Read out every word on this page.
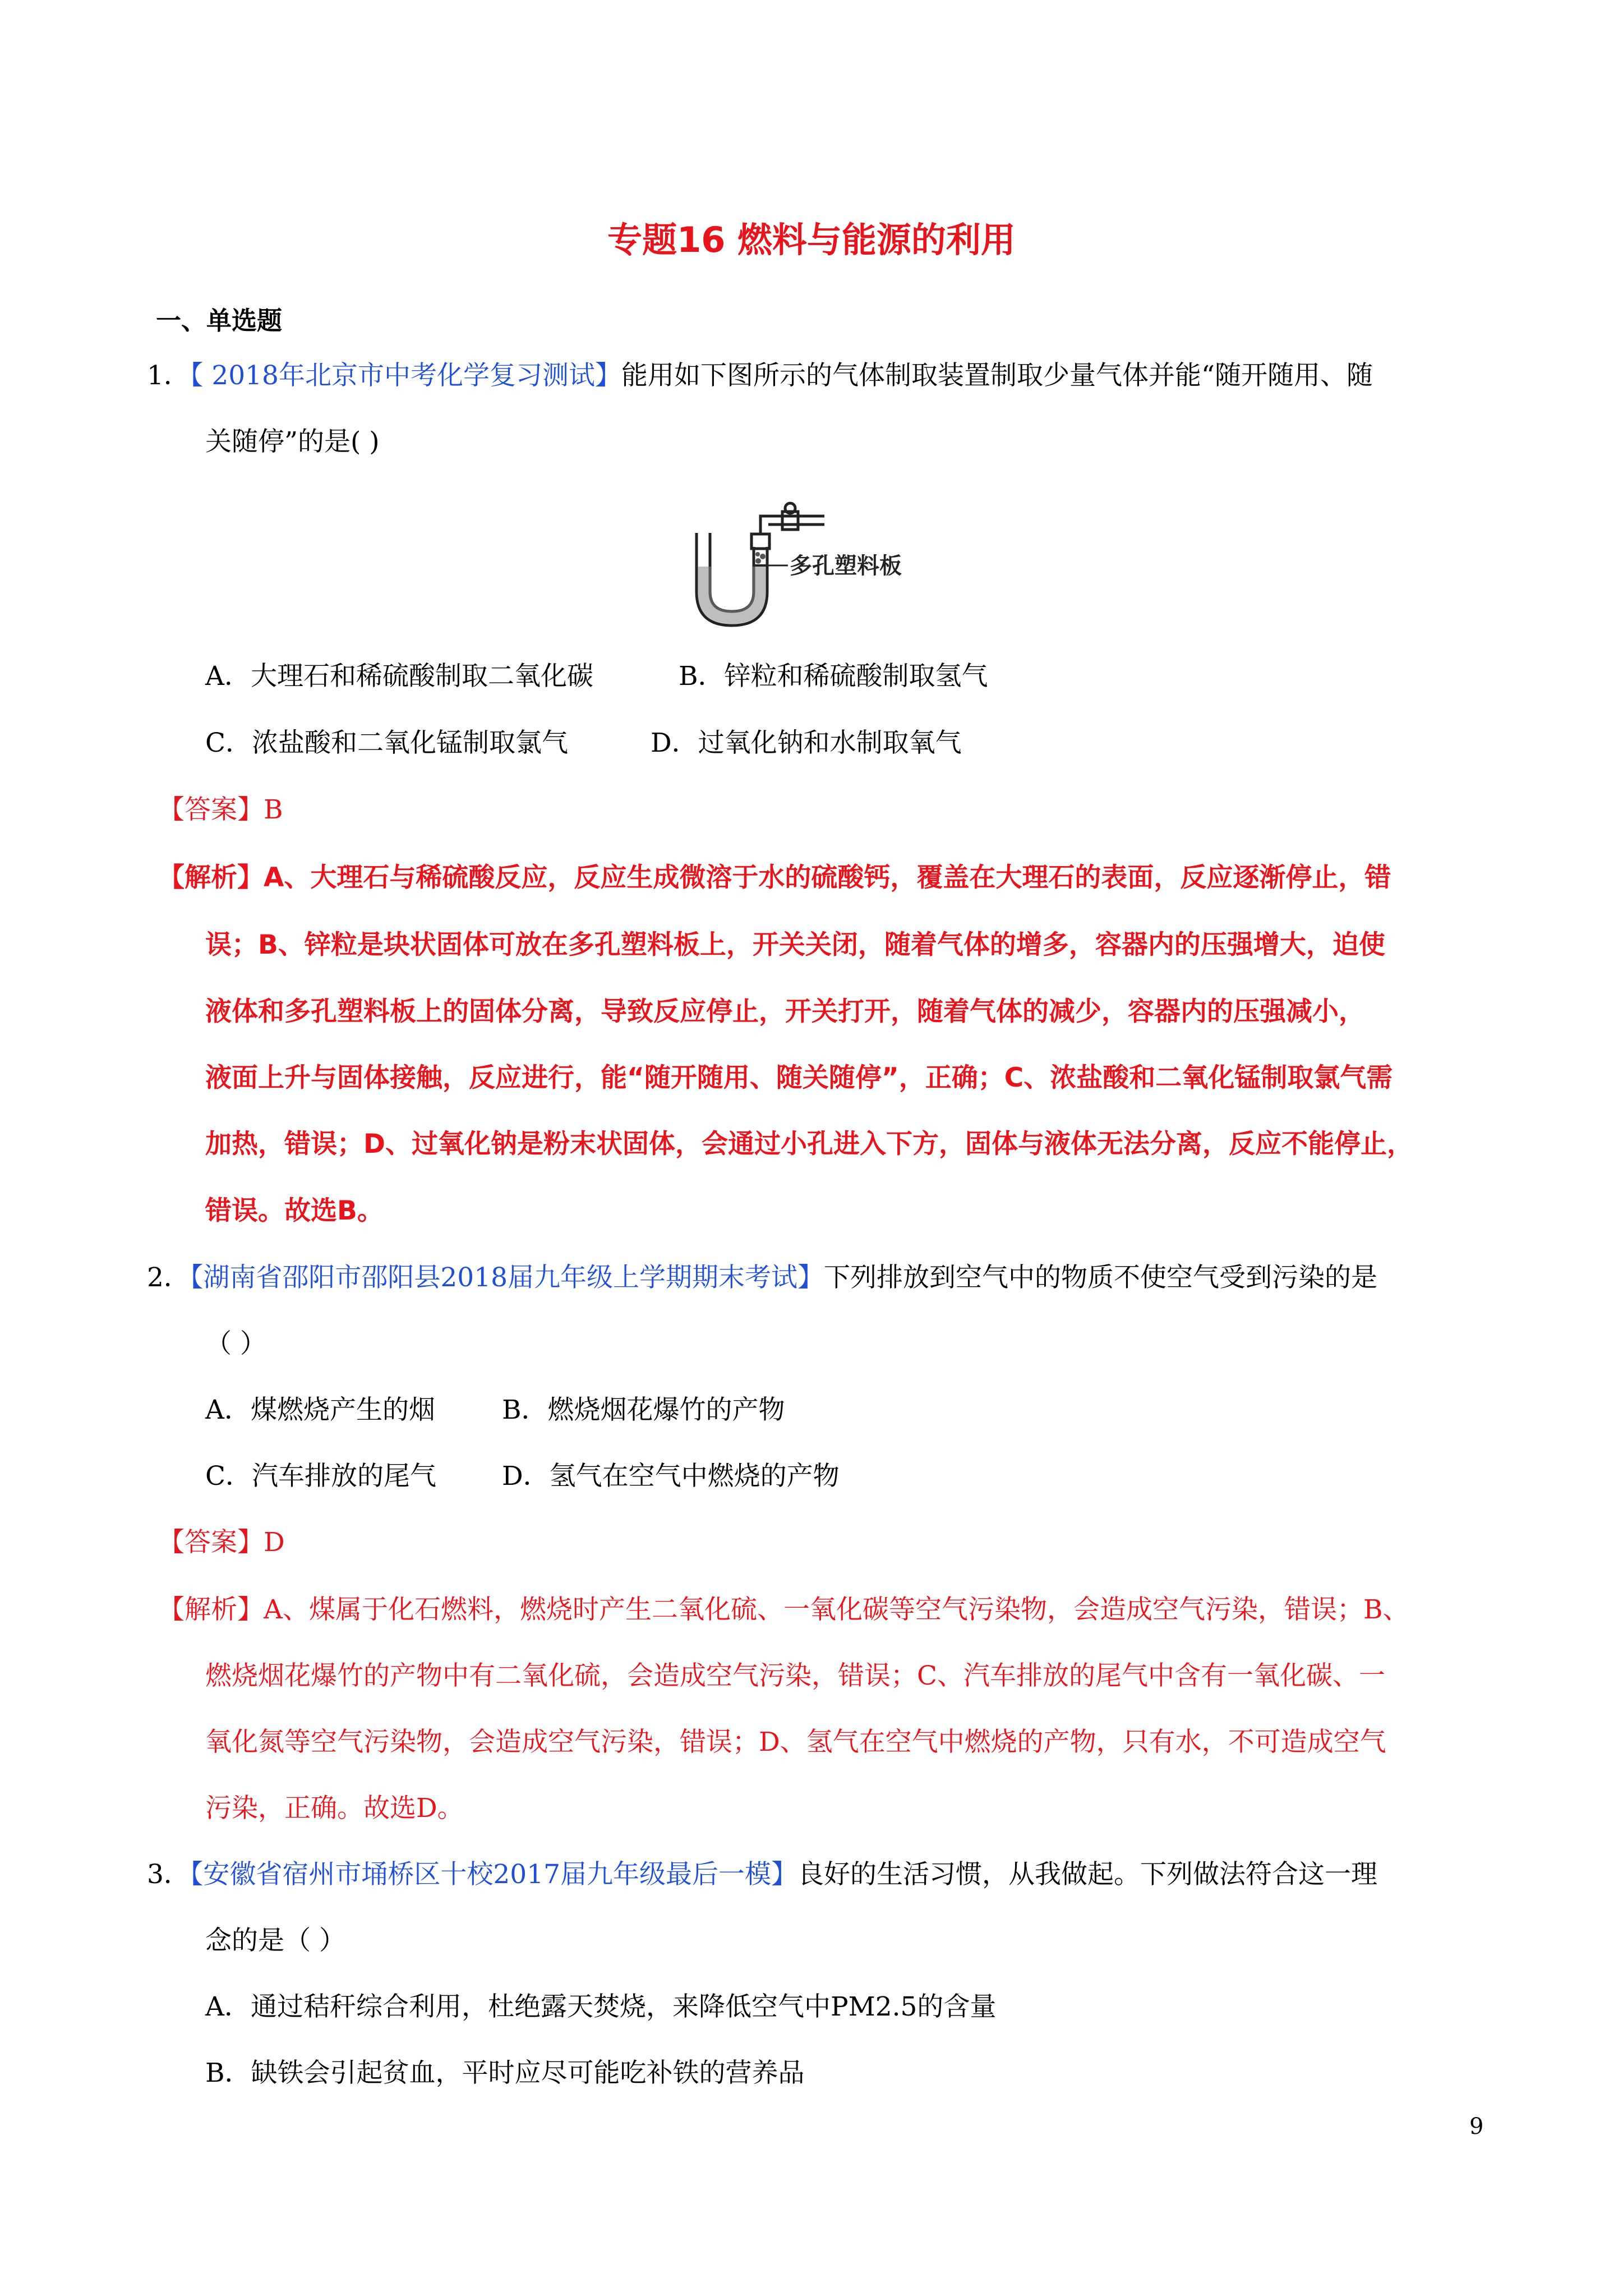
专题16 燃料与能源的利用
一、单选题
1．【 2018年北京市中考化学复习测试】能用如下图所示的气体制取装置制取少量气体并能“随开随用、随
关随停”的是( )
多孔塑料板
A．大理石和稀硫酸制取二氧化碳	B．锌粒和稀硫酸制取氢气
C．浓盐酸和二氧化锰制取氯气	D．过氧化钠和水制取氧气
【答案】B
【解析】A、大理石与稀硫酸反应，反应生成微溶于水的硫酸钙，覆盖在大理石的表面，反应逐渐停止，错
误；B、锌粒是块状固体可放在多孔塑料板上，开关关闭，随着气体的增多，容器内的压强增大，迫使
液体和多孔塑料板上的固体分离，导致反应停止，开关打开，随着气体的减少，容器内的压强减小，
液面上升与固体接触，反应进行，能“随开随用、随关随停”，正确；C、浓盐酸和二氧化锰制取氯气需
加热，错误；D、过氧化钠是粉末状固体，会通过小孔进入下方，固体与液体无法分离，反应不能停止，
错误。故选B。
2．【湖南省邵阳市邵阳县2018届九年级上学期期末考试】下列排放到空气中的物质不使空气受到污染的是
（ ）
A．煤燃烧产生的烟	B．燃烧烟花爆竹的产物
C．汽车排放的尾气 D．氢气在空气中燃烧的产物
【答案】D
【解析】A、煤属于化石燃料，燃烧时产生二氧化硫、一氧化碳等空气污染物，会造成空气污染，错误；B、
燃烧烟花爆竹的产物中有二氧化硫，会造成空气污染，错误；C、汽车排放的尾气中含有一氧化碳、一
氧化氮等空气污染物，会造成空气污染，错误；D、氢气在空气中燃烧的产物，只有水，不可造成空气
污染，正确。故选D。
3．【安徽省宿州市埇桥区十校2017届九年级最后一模】良好的生活习惯，从我做起。下列做法符合这一理
念的是（ ）
A．通过秸秆综合利用，杜绝露天焚烧，来降低空气中PM2.5的含量
B．缺铁会引起贫血，平时应尽可能吃补铁的营养品
9
